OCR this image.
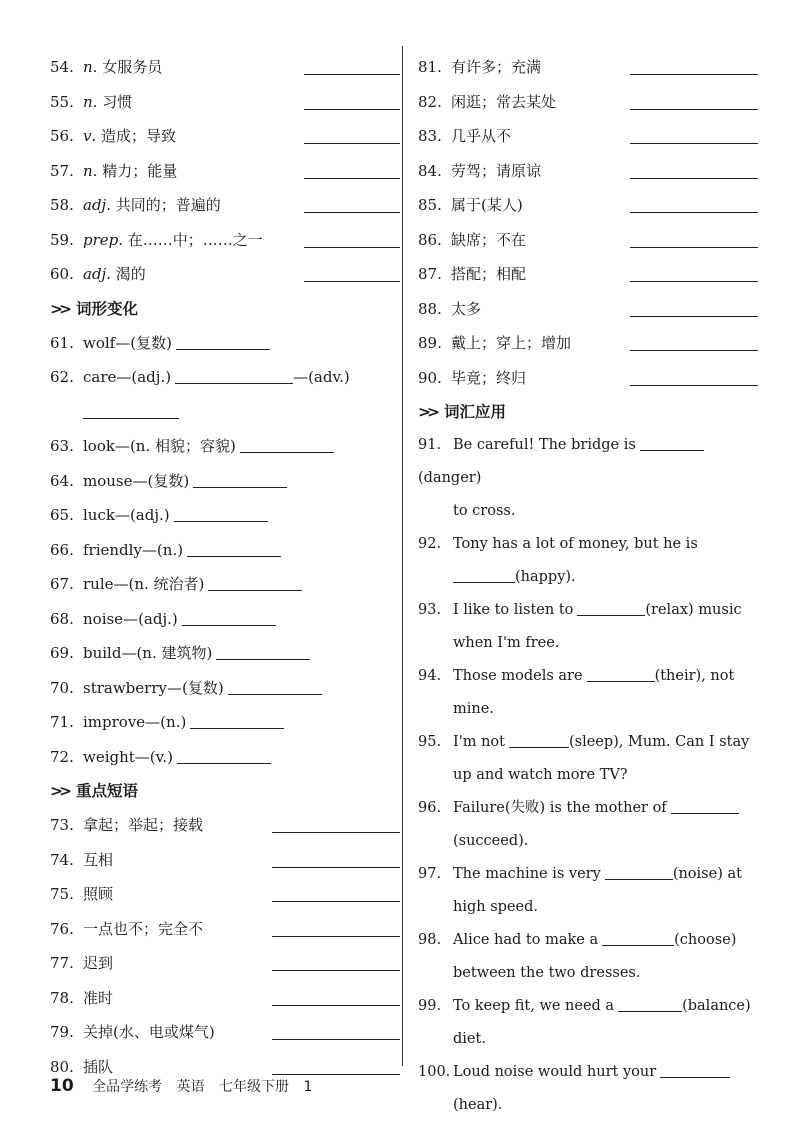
54. n. 女服务员
55. n. 习惯
56. v. 造成；导致
57. n. 精力；能量
58. adj. 共同的；普遍的
59. prep. 在……中；……之一
60. adj. 渴的
>> 词形变化
61. wolf—(复数)
62. care—(adj.)	—(adv.)
63. look—(n. 相貌；容貌)
64. mouse—(复数)
65. luck—(adj.)
66. friendly—(n.)
67. rule—(n. 统治者)
68. noise—(adj.)
69. build—(n. 建筑物)
70. strawberry—(复数)
71. improve—(n.)
72. weight—(v.)
>> 重点短语
73. 拿起；举起；接载
74. 互相
75. 照顾
76. 一点也不；完全不
77. 迟到
78. 准时
79. 关掉(水、电或煤气)
80. 插队
81. 有许多；充满
82. 闲逛；常去某处
83. 几乎从不
84. 劳驾；请原谅
85. 属于(某人)
86. 缺席；不在
87. 搭配；相配
88. 太多
89. 戴上；穿上；增加
90. 毕竟；终归
>> 词汇应用
91. Be careful! The bridge is(danger)
to cross.
92. Tony has a lot of money, but he is
(happy).
93. I like to listen to	(relax) music
when I'm free.
94. Those models are	(their), not
mine.
95. I'm not	(sleep), Mum. Can I stay
up and watch more TV?
96. Failure(失败) is the mother of
(succeed).
97. The machine is very	(noise) at
high speed.
98. Alice had to make a	(choose)
between the two dresses.
99. To keep fit, we need a	(balance)
diet.
100. Loud noise would hurt your
(hear).
10 全品学练考 英语 七年级下册 1
